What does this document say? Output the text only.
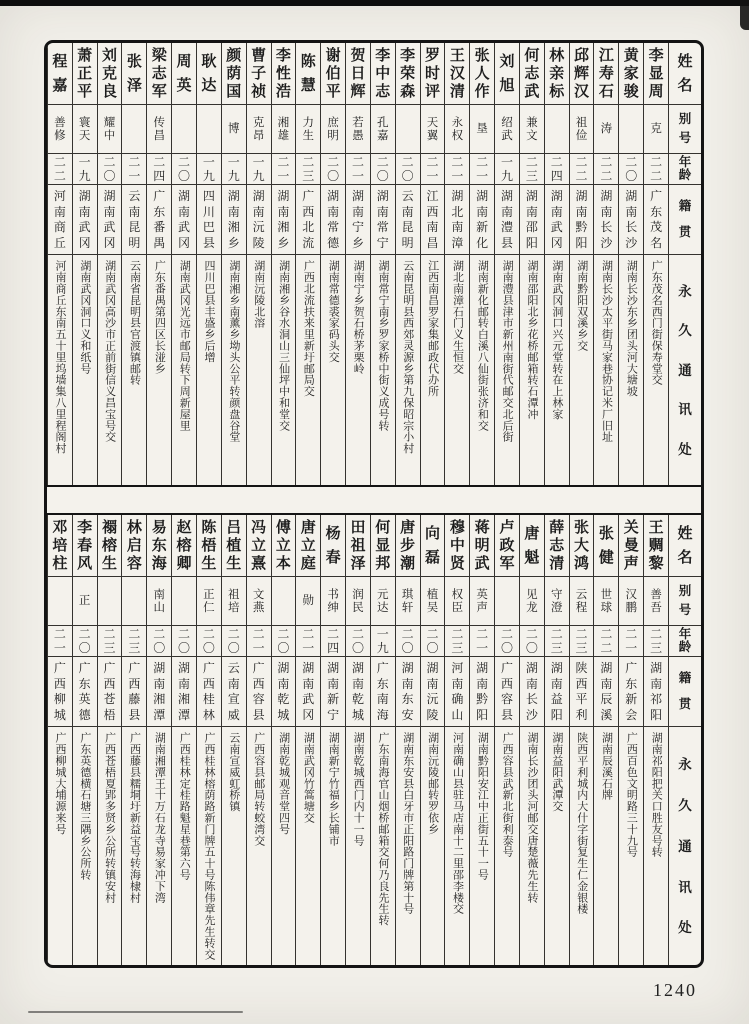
姓
名
别
号
年
龄
籍
贯
永
久
通
讯
处
李
显
周
克
二
二
广
东
茂
名
广东茂名西门街保寿堂交
黄
家
骏
二
〇
湖
南
长
沙
湖南长沙东乡团头河大塘坡
江
寿
石
涛
二
二
湖
南
长
沙
湖南长沙太平街马家巷协记米厂旧址
邱
辉
汉
祖
俭
二
二
湖
南
黔
阳
湖南黔阳双溪乡交
林
亲
标
二
四
湖
南
武
冈
湖南武冈洞口兴元堂转在上林家
何
志
武
兼
文
二
三
湖
南
邵
阳
湖南邵阳北乡花桥邮箱转石潭冲
刘
旭
绍
武
一
九
湖
南
澧
县
湖南澧县津市新州南街代邮交北后街
张
人
作
垦
二
一
湖
南
新
化
湖南新化邮转白溪八仙街张济和交
王
汉
清
永
权
二
一
湖
北
南
漳
湖北南漳石门义生恒交
罗
时
评
天
翼
二
一
江
西
南
昌
江西南昌罗家集邮政代办所
李
荣
森
二
〇
云
南
昆
明
云南昆明县西郊灵源乡第九保昭宗小村
李
中
志
孔
嘉
二
〇
湖
南
常
宁
湖南常宁南乡罗家桥中街义成号转
贺
日
辉
若
愚
二
一
湖
南
宁
乡
湖南宁乡贺石桥茅栗岭
谢
伯
平
庶
明
二
〇
湖
南
常
德
湖南常德裘家码头交
陈
慧
力
生
二
三
广
西
北
流
广西北流扶来里新圩邮局交
李
性
浩
湘
雄
二
一
湖
南
湘
乡
湖南湘乡谷水洞山三仙坪中和堂交
曹
子
祯
克
昂
一
九
湖
南
沅
陵
湖南沅陵北溶
颜
荫
国
博
一
九
湖
南
湘
乡
湖南湘乡南薰乡坳头公平转颜盘谷堂
耿
达
一
九
四
川
巴
县
四川巴县丰盛乡后增
周
英
二
〇
湖
南
武
冈
湖南武冈光远市邮局转下周新屋里
梁
志
军
传
昌
二
四
广
东
番
禺
广东番禺第四区长湴乡
张
泽
二
一
云
南
昆
明
云南省昆明县官渡镇邮转
刘
克
良
耀
中
二
〇
湖
南
武
冈
湖南武冈高沙市正前街信义昌宝号交
萧
正
平
寰
天
一
九
湖
南
武
冈
湖南武冈洞口义和纸号
程
嘉
善
修
二
二
河
南
商
丘
河南商丘东南五十里坞墙集八里程阁村
姓
名
别
号
年
龄
籍
贯
永
久
通
讯
处
王
赒
黎
善
吾
二
三
湖
南
祁
阳
湖南祁阳把关口胜友号转
关
曼
声
汉
鹏
二
一
广
东
新
会
广西百色文明路三十九号
张
健
世
球
二
二
湖
南
辰
溪
湖南辰溪石牌
张
大
鸿
云
程
二
三
陕
西
平
利
陕西平利城内大什字街复生仁金银楼
薛
志
清
守
澄
二
三
湖
南
益
阳
湖南益阳武潭交
唐
魁
见
龙
二
〇
湖
南
长
沙
湖南长沙团头河邮交唐楚薇先生转
卢
政
军
二
〇
广
西
容
县
广西容县武新北街利泰号
蒋
明
武
英
声
二
一
湖
南
黔
阳
湖南黔阳安江中正街五十一号
穆
中
贤
权
臣
二
三
河
南
确
山
河南确山县驻马店南十二里邵李楼交
向
磊
植
吴
二
〇
湖
南
沅
陵
湖南沅陵邮转罗依乡
唐
步
潮
琪
轩
二
〇
湖
南
东
安
湖南东安县白牙市正阳路门牌第十号
何
显
邦
元
达
一
九
广
东
南
海
广东南海官山烟桥邮箱交何乃良先生转
田
祖
泽
润
民
二
〇
湖
南
乾
城
湖南乾城西门内十一号
杨
春
书
绅
二
四
湖
南
新
宁
湖南新宁竹福乡长铺市
唐
立
庭
勋
二
一
湖
南
武
冈
湖南武冈竹篙塘交
傅
立
本
二
〇
湖
南
乾
城
湖南乾城观音堂四号
冯
立
熹
文
燕
二
一
广
西
容
县
广西容县邮局转蛟湾交
吕
植
生
祖
培
二
〇
云
南
宣
威
云南宣威虹桥镇
陈
梧
生
正
仁
二
〇
广
西
桂
林
广西桂林榕荫路新门牌五十号陈伟章先生转交
赵
榕
卿
二
〇
湖
南
湘
潭
广西桂林定桂路魁星巷第六号
易
东
海
南
山
二
〇
湖
南
湘
潭
湖南湘潭王十万石龙寺易家冲下湾
林
启
容
二
三
广
西
藤
县
广西藤县糯垌圩新益宝号转海棣村
禤
榕
生
二
三
广
西
苍
梧
广西苍梧夏郢多贤乡公所转镇安村
李
春
风
正
二
〇
广
东
英
德
广东英德横石塘三隅乡公所转
邓
培
柱
二
一
广
西
柳
城
广西柳城大埔源来号
1240
